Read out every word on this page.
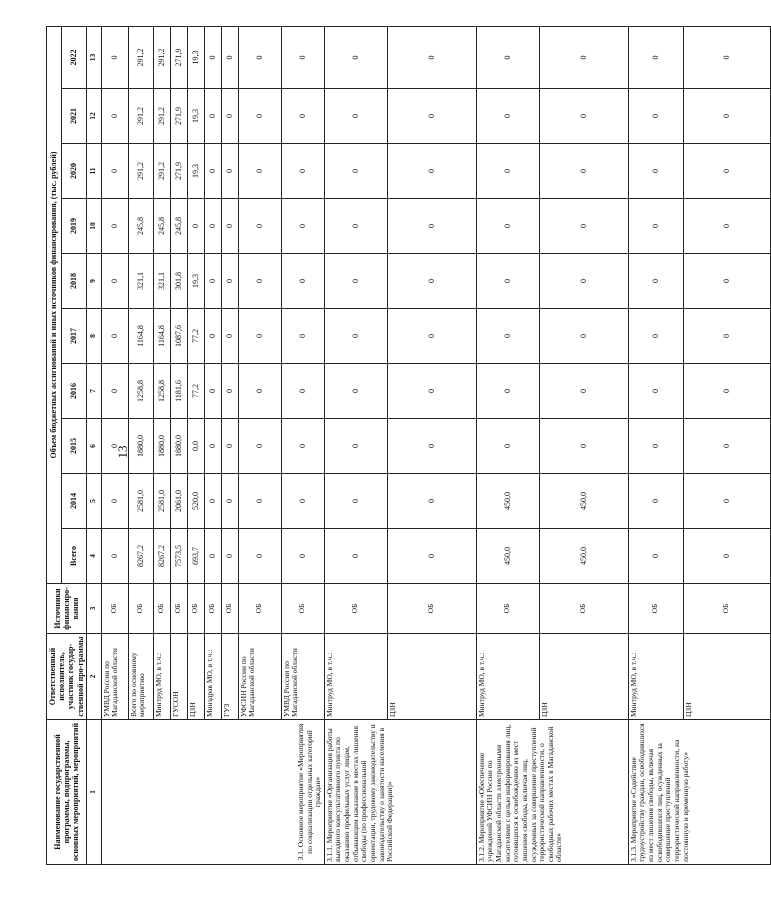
13
Наименование государственной программы, подпрограммы, основных мероприятий, мероприятий	Ответственный исполнитель, участник государ-ственной про-граммы	Источники финансиро-вания	Объем бюджетных ассигнований и иных источников финансирования, (тыс. рублей)									
			Всего	2014	2015	2016	2017	2018	2019	2020	2021	2022
1	2	3	4	5	6	7	8	9	10	11	12	13
3.1. Основное мероприятие «Мероприятия по социализации отдельных категорий граждан»	УМВД России по Магаданской области	ОБ	0	0	0	0	0	0	0	0	0	0
	Всего по основному мероприятию	ОБ	8267,2	2581,0	1880,0	1258,8	1164,8	321,1	245,8	291,2	291,2	291,2
	Минтруд МО, в т.ч.:	ОБ	8267,2	2581,0	1880,0	1258,8	1164,8	321,1	245,8	291,2	291,2	291,2
	ГУСОН	ОБ	7573,5	2061,0	1880,0	1181,6	1087,6	301,8	245,8	271,9	271,9	271,9
	ЦЗН	ОБ	693,7	520,0	0,0	77,2	77,2	19,3	0	19,3	19,3	19,3
	Минздрав МО, в т.ч.:	ОБ	0	0	0	0	0	0	0	0	0	0
	ГУЗ	ОБ	0	0	0	0	0	0	0	0	0	0
	УФСИН России по Магаданской области	ОБ	0	0	0	0	0	0	0	0	0	0
	УМВД России по Магаданской области	ОБ	0	0	0	0	0	0	0	0	0	0
3.1.1. Мероприятие «Организация работы выездного консультативного пункта по оказанию профильных услуг лицам, отбывающим наказание в местах лишения свободы (по профессиональной ориентации, трудовому законодательству и законодательству о занятости населения в Российской Федерации)»	Минтруд МО, в т.ч.:	ОБ	0	0	0	0	0	0	0	0	0	0
	ЦЗН	ОБ	0	0	0	0	0	0	0	0	0	0
3.1.2. Мероприятие «Обеспечение учреждений УФСИН России по Магаданской области электронными носителями с целью информирования лиц, готовящихся к освобождению из мест лишения свободы, включая лиц, осужденных за совершение преступлений террористической направленности, о свободных рабочих местах в Магаданской области»	Минтруд МО, в т.ч.:	ОБ	450,0	450,0	0	0	0	0	0	0	0	0
	ЦЗН	ОБ	450,0	450,0	0	0	0	0	0	0	0	0
3.1.3. Мероприятие «Содействие трудоустройству граждан, освободившихся из мест лишения свободы, включая освободившихся лиц, осужденных за совершение преступлений террористической направленности, на постоянную и временную работу»	Минтруд МО, в т.ч.:	ОБ	0	0	0	0	0	0	0	0	0	0
	ЦЗН	ОБ	0	0	0	0	0	0	0	0	0	0
